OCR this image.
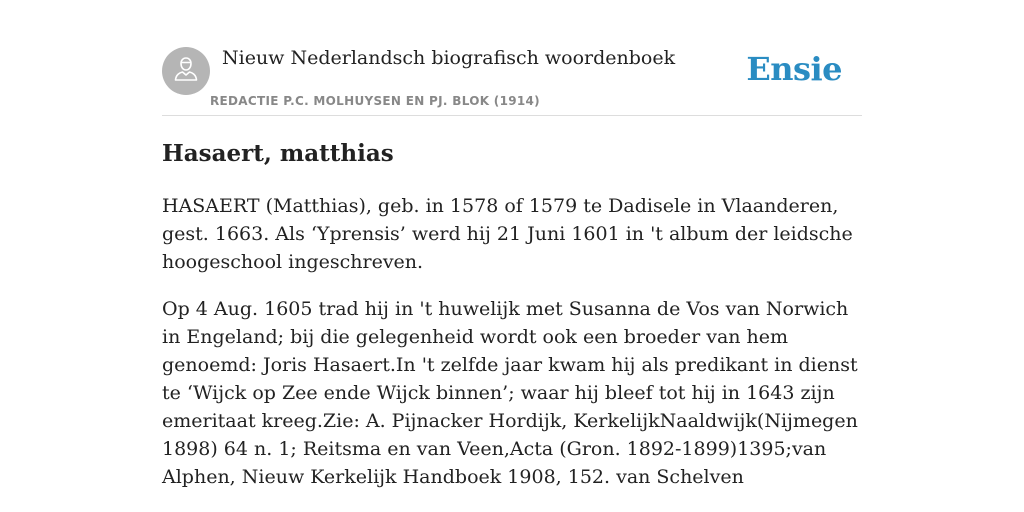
Nieuw Nederlandsch biografisch woordenboek
REDACTIE P.C. MOLHUYSEN EN PJ. BLOK (1914)
Ensie
Hasaert, matthias

HASAERT (Matthias), geb. in 1578 of 1579 te Dadisele in Vlaanderen, gest. 1663. Als ‘Yprensis’ werd hij 21 Juni 1601 in 't album der leidsche hoogeschool ingeschreven.

Op 4 Aug. 1605 trad hij in 't huwelijk met Susanna de Vos van Norwich in Engeland; bij die gelegenheid wordt ook een broeder van hem genoemd: Joris Hasaert.In 't zelfde jaar kwam hij als predikant in dienst te ‘Wijck op Zee ende Wijck binnen’; waar hij bleef tot hij in 1643 zijn emeritaat kreeg.Zie: A. Pijnacker Hordijk, KerkelijkNaaldwijk(Nijmegen 1898) 64 n. 1; Reitsma en van Veen,Acta (Gron. 1892-1899)1395;van Alphen, Nieuw Kerkelijk Handboek 1908, 152. van Schelven
